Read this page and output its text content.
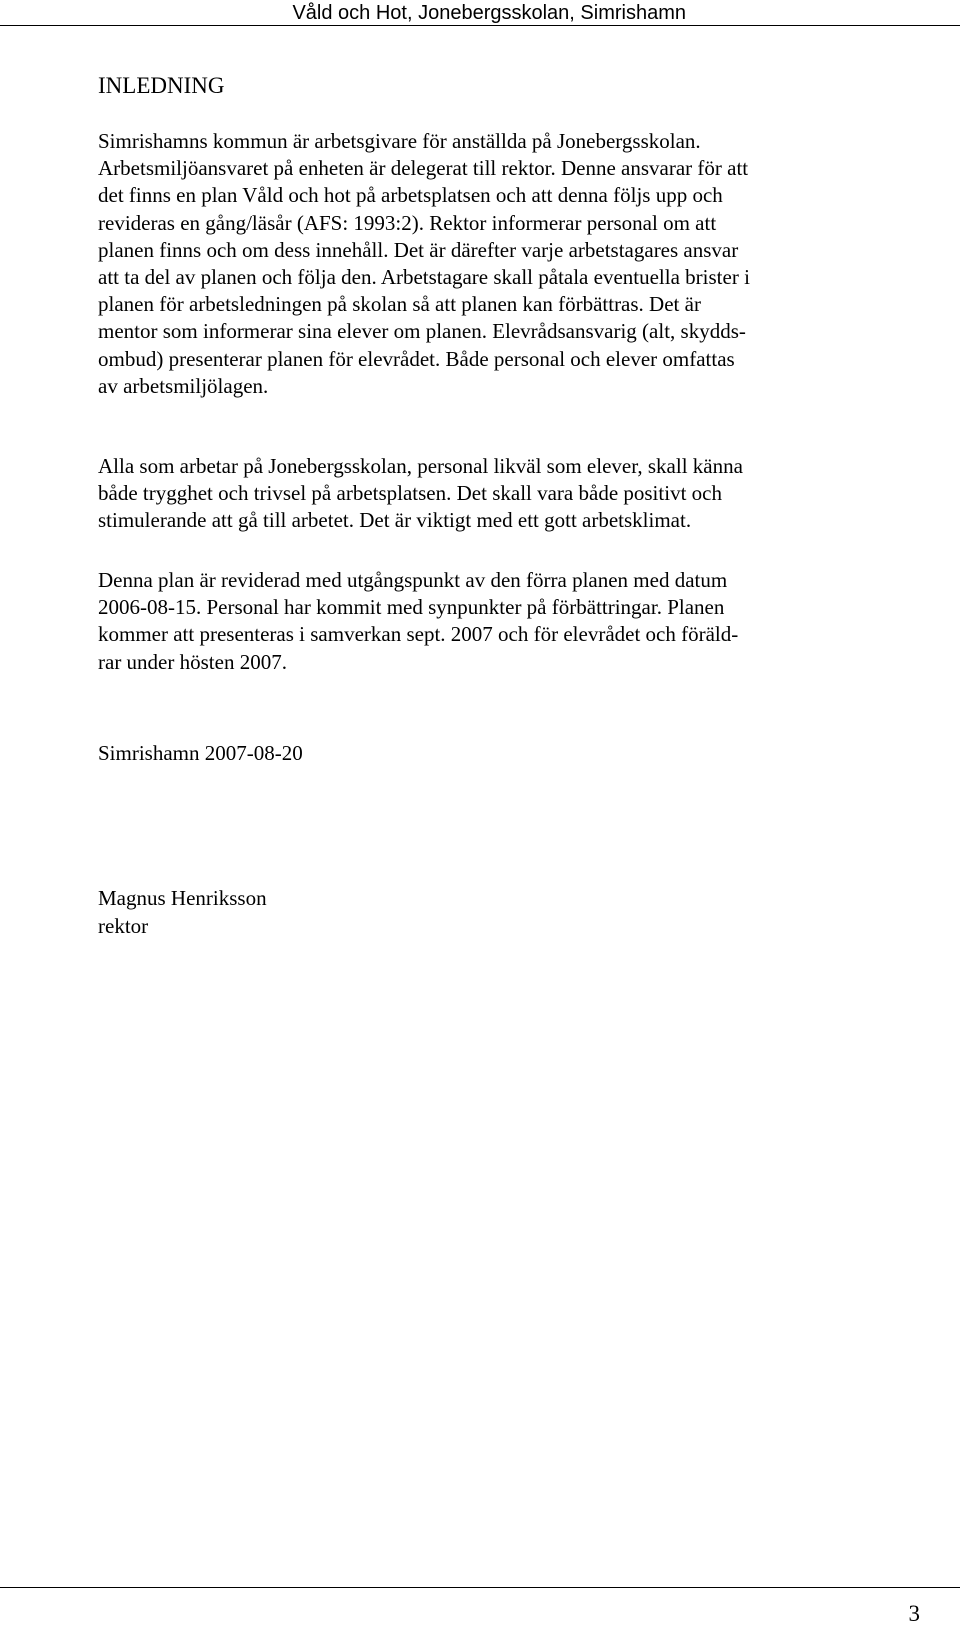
Våld och Hot, Jonebergsskolan, Simrishamn
INLEDNING

Simrishamns kommun är arbetsgivare för anställda på Jonebergsskolan.
Arbetsmiljöansvaret på enheten är delegerat till rektor. Denne ansvarar för att
det finns en plan Våld och hot på arbetsplatsen och att denna följs upp och
revideras en gång/läsår (AFS: 1993:2). Rektor informerar personal om att
planen finns och om dess innehåll. Det är därefter varje arbetstagares ansvar
att ta del av planen och följa den. Arbetstagare skall påtala eventuella brister i
planen för arbetsledningen på skolan så att planen kan förbättras. Det är
mentor som informerar sina elever om planen. Elevrådsansvarig (alt, skydds-
ombud) presenterar planen för elevrådet. Både personal och elever omfattas
av arbetsmiljölagen.

Alla som arbetar på Jonebergsskolan, personal likväl som elever, skall känna
både trygghet och trivsel på arbetsplatsen. Det skall vara både positivt och
stimulerande att gå till arbetet. Det är viktigt med ett gott arbetsklimat.

Denna plan är reviderad med utgångspunkt av den förra planen med datum
2006-08-15. Personal har kommit med synpunkter på förbättringar. Planen
kommer att presenteras i samverkan sept. 2007 och för elevrådet och föräld-
rar under hösten 2007.

Simrishamn 2007-08-20

Magnus Henriksson

rektor

3
